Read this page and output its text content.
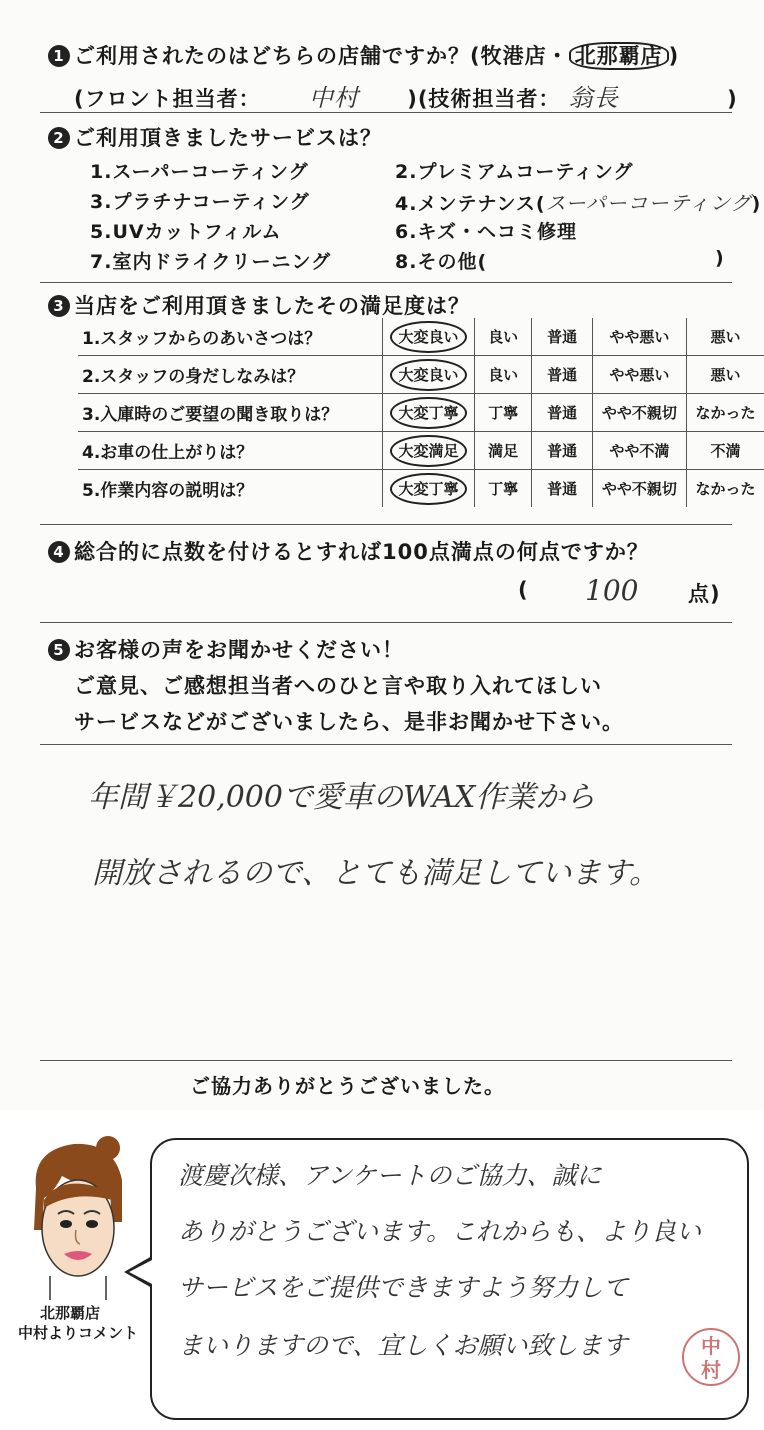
1 ご利用されたのはどちらの店舗ですか？(牧港店・ 北那覇店 )
(フロント担当者： 中村 )(技術担当者： 翁長	)
2 ご利用頂きましたサービスは？
1.スーパーコーティング	2.プレミアムコーティング
3.プラチナコーティング	4.メンテナンス(スーパーコーティング)
5.UVカットフィルム	6.キズ・ヘコミ修理
7.室内ドライクリーニング	8.その他(	)
3 当店をご利用頂きましたその満足度は？
1.スタッフからのあいさつは？	大変良い	良い	普通	やや悪い	悪い
2.スタッフの身だしなみは？	大変良い	良い	普通	やや悪い	悪い
3.入庫時のご要望の聞き取りは？	大変丁寧	丁寧	普通	やや不親切	なかった
4.お車の仕上がりは？	大変満足	満足	普通	やや不満	不満
5.作業内容の説明は？	大変丁寧	丁寧	普通	やや不親切	なかった
4 総合的に点数を付けるとすれば100点満点の何点ですか？
( 100 点)
5 お客様の声をお聞かせください！
ご意見、ご感想担当者へのひと言や取り入れてほしい
サービスなどがございましたら、是非お聞かせ下さい。
年間￥20,000で愛車のWAX作業から
開放されるので、とても満足しています。
ご協力ありがとうございました。
北那覇店
中村よりコメント
渡慶次様、アンケートのご協力、誠に
ありがとうございます。これからも、より良い
サービスをご提供できますよう努力して
まいりますので、宜しくお願い致します	中村
